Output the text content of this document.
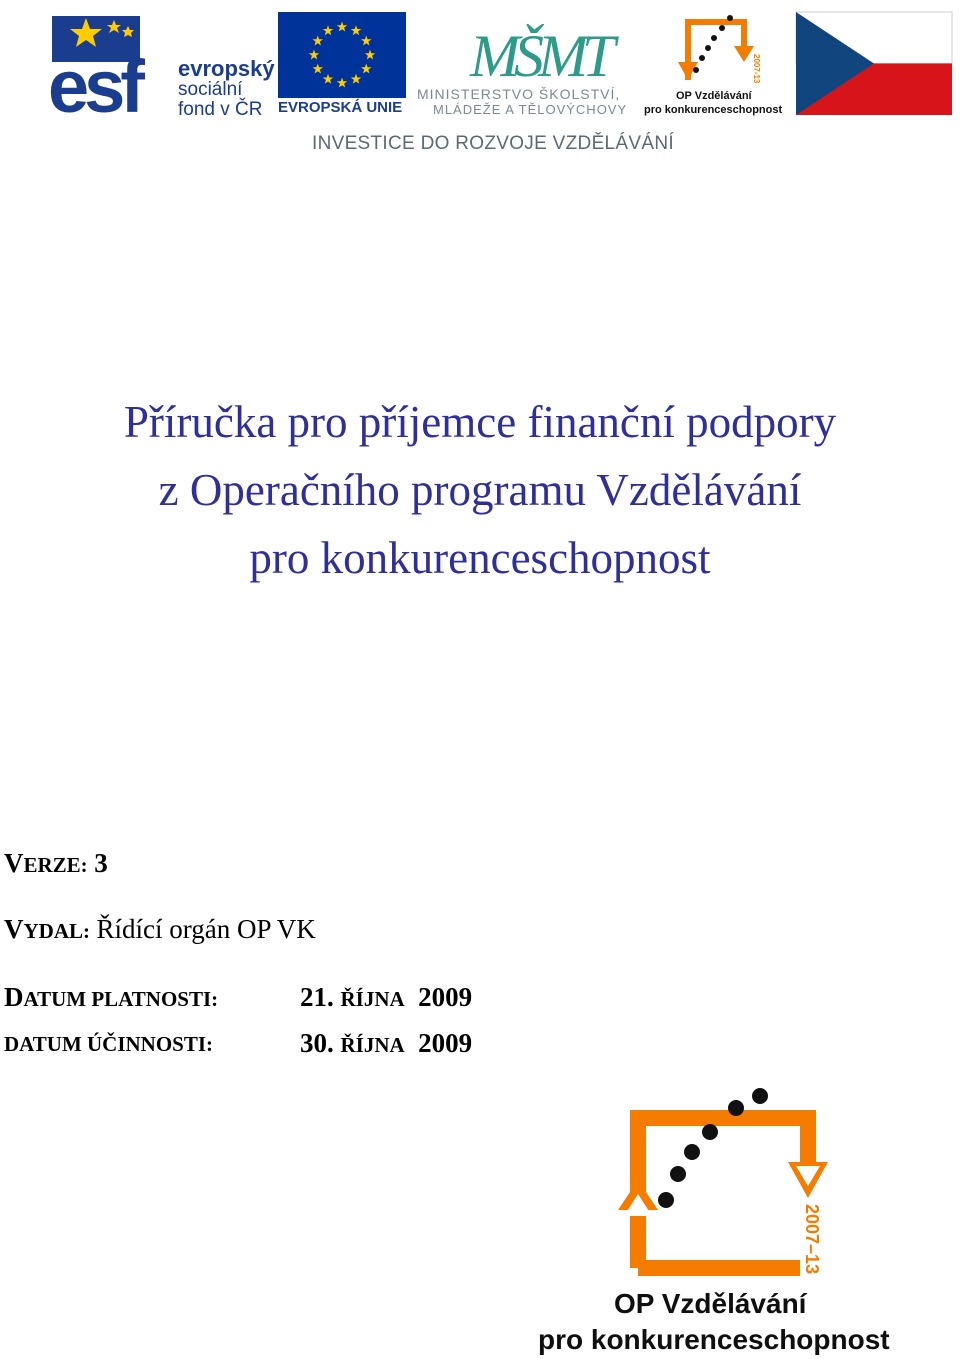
esf evropský
sociální
fond v ČR EVROPSKÁ UNIE
MŠMT
MINISTERSTVO ŠKOLSTVÍ,
MLÁDEŽE A TĚLOVÝCHOVY
2007-13
OP Vzdělávání
pro konkurenceschopnost
INVESTICE DO ROZVOJE VZDĚLÁVÁNÍ
Příručka pro příjemce finanční podpory
z Operačního programu Vzdělávání
pro konkurenceschopnost
VERZE: 3
VYDAL: Řídící orgán OP VK
DATUM PLATNOSTI:	21. ŘÍJNA 2009
DATUM ÚČINNOSTI:	30. ŘÍJNA 2009
2007–13
OP Vzdělávání
pro konkurenceschopnost
